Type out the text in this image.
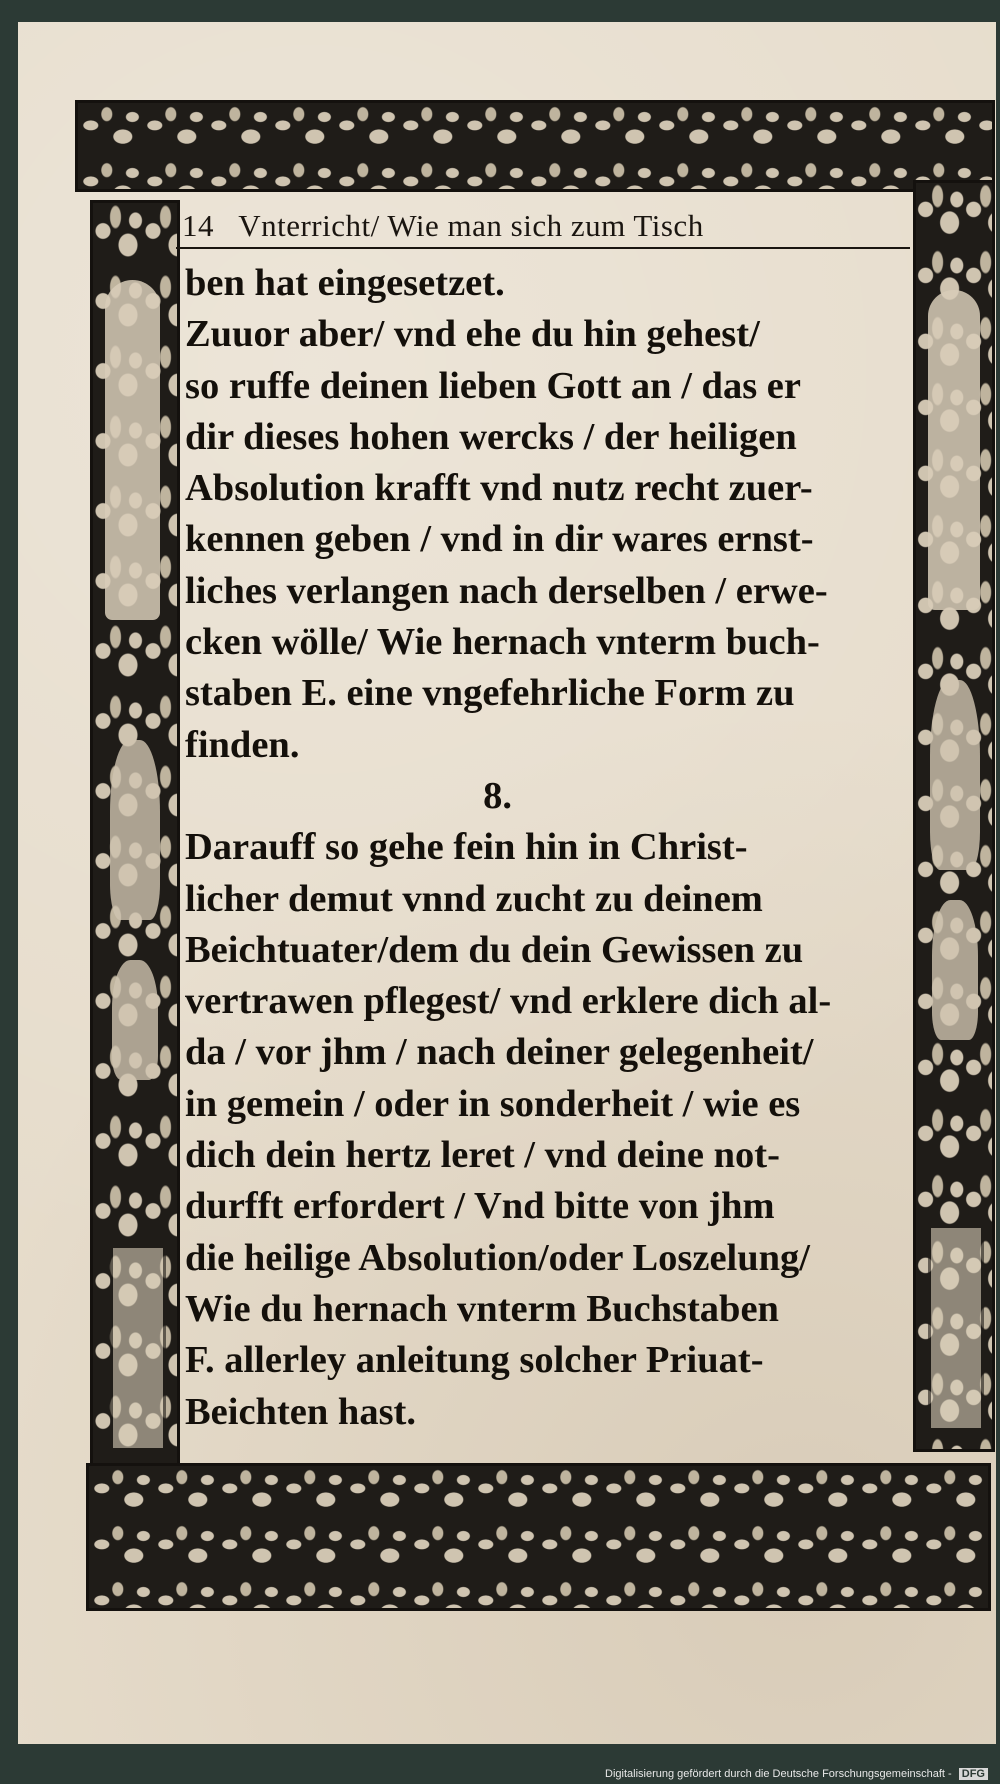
14 Vnterricht/ Wie man sich zum Tisch
ben hat eingesetzet.
Zuuor aber/ vnd ehe du hin gehest/
so ruffe deinen lieben Gott an / das er
dir dieses hohen wercks / der heiligen
Absolution krafft vnd nutz recht zuer-
kennen geben / vnd in dir wares ernst-
liches verlangen nach derselben / erwe-
cken wölle/ Wie hernach vnterm buch-
staben E. eine vngefehrliche Form zu
finden.
8.
Darauff so gehe fein hin in Christ-
licher demut vnnd zucht zu deinem
Beichtuater/dem du dein Gewissen zu
vertrawen pflegest/ vnd erklere dich al-
da / vor jhm / nach deiner gelegenheit/
in gemein / oder in sonderheit / wie es
dich dein hertz leret / vnd deine not-
durfft erfordert / Vnd bitte von jhm
die heilige Absolution/oder Loszelung/
Wie du hernach vnterm Buchstaben
F. allerley anleitung solcher Priuat-
Beichten hast.
Digitalisierung gefördert durch die Deutsche Forschungsgemeinschaft - DFG
